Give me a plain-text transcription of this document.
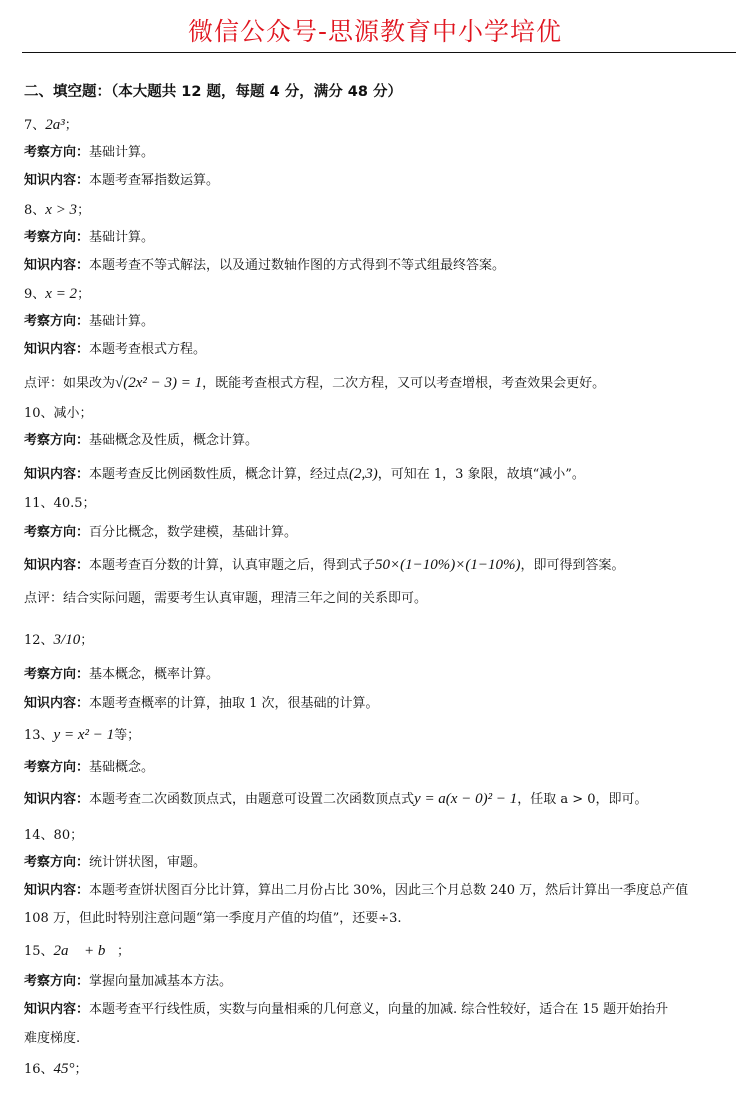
微信公众号-思源教育中小学培优
二、填空题：（本大题共 12 题，每题 4 分，满分 48 分）
7、2a³；
考察方向：基础计算。
知识内容：本题考查幂指数运算。
8、x > 3；
考察方向：基础计算。
知识内容：本题考查不等式解法，以及通过数轴作图的方式得到不等式组最终答案。
9、x = 2；
考察方向：基础计算。
知识内容：本题考查根式方程。
点评：如果改为√(2x² − 3) = 1，既能考查根式方程，二次方程，又可以考查增根，考查效果会更好。
10、减小；
考察方向：基础概念及性质，概念计算。
知识内容：本题考查反比例函数性质，概念计算，经过点(2,3)，可知在 1，3 象限，故填“减小”。
11、40.5；
考察方向：百分比概念，数学建模，基础计算。
知识内容：本题考查百分数的计算，认真审题之后，得到式子50×(1−10%)×(1−10%)，即可得到答案。
点评：结合实际问题，需要考生认真审题，理清三年之间的关系即可。
12、3/10；
考察方向：基本概念，概率计算。
知识内容：本题考查概率的计算，抽取 1 次，很基础的计算。
13、y = x² − 1等；
考察方向：基础概念。
知识内容：本题考查二次函数顶点式，由题意可设置二次函数顶点式y = a(x − 0)² − 1，任取 a > 0，即可。
14、80；
考察方向：统计饼状图，审题。
知识内容：本题考查饼状图百分比计算，算出二月份占比 30%，因此三个月总数 240 万，然后计算出一季度总产值
108 万，但此时特别注意问题“第一季度月产值的均值”，还要÷3.
15、2a⃗ + b⃗；
考察方向：掌握向量加减基本方法。
知识内容：本题考查平行线性质，实数与向量相乘的几何意义，向量的加减. 综合性较好，适合在 15 题开始抬升
难度梯度.
16、45°；
